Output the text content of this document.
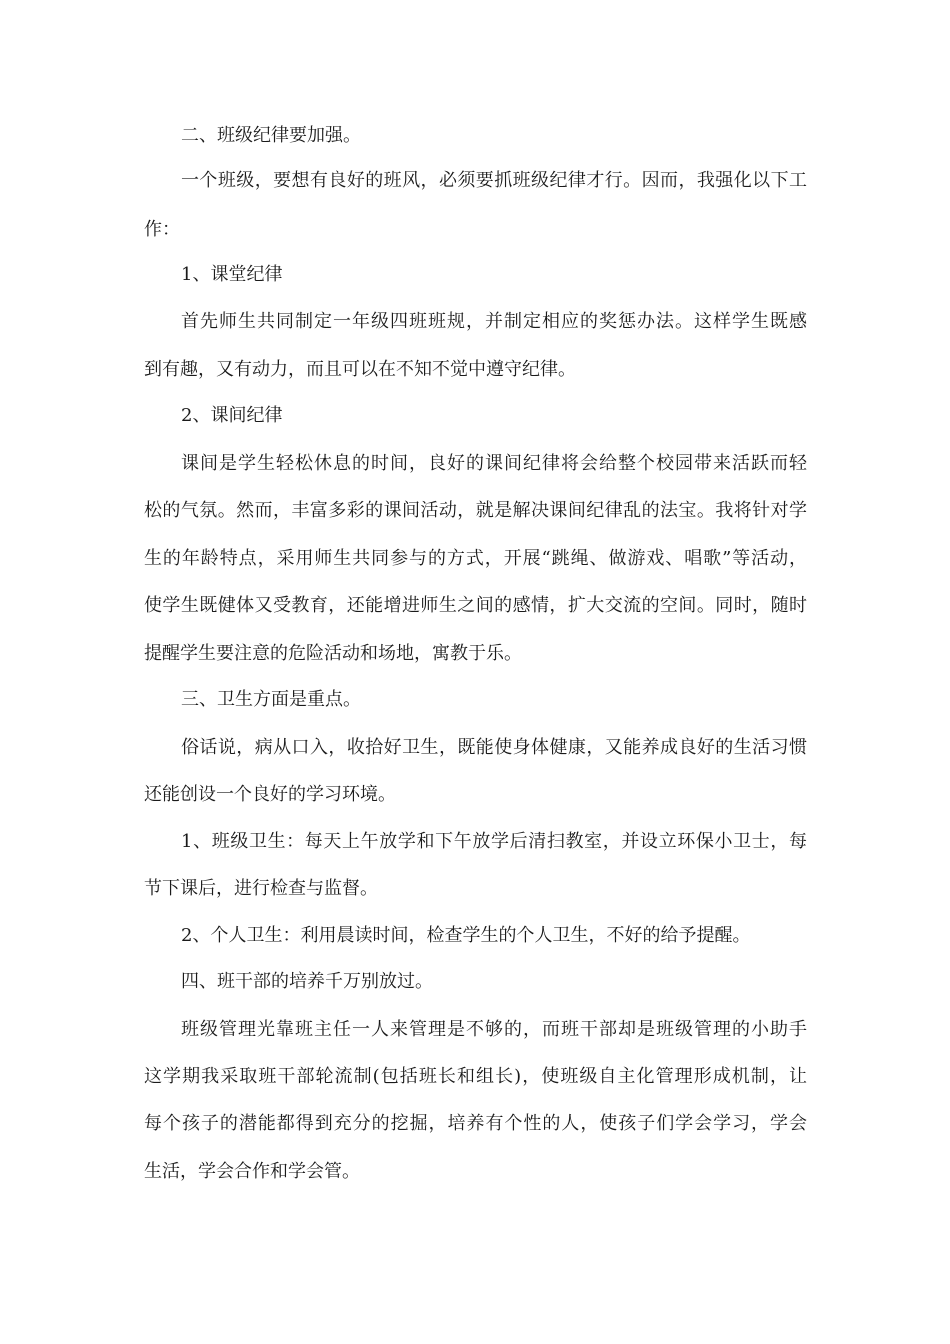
二、班级纪律要加强。
一个班级，要想有良好的班风，必须要抓班级纪律才行。因而，我强化以下工
作：
1、课堂纪律
首先师生共同制定一年级四班班规，并制定相应的奖惩办法。这样学生既感
到有趣，又有动力，而且可以在不知不觉中遵守纪律。
2、课间纪律
课间是学生轻松休息的时间，良好的课间纪律将会给整个校园带来活跃而轻
松的气氛。然而，丰富多彩的课间活动，就是解决课间纪律乱的法宝。我将针对学
生的年龄特点，采用师生共同参与的方式，开展“跳绳、做游戏、唱歌”等活动，
使学生既健体又受教育，还能增进师生之间的感情，扩大交流的空间。同时，随时
提醒学生要注意的危险活动和场地，寓教于乐。
三、卫生方面是重点。
俗话说，病从口入，收拾好卫生，既能使身体健康，又能养成良好的生活习惯
还能创设一个良好的学习环境。
1、班级卫生：每天上午放学和下午放学后清扫教室，并设立环保小卫士，每
节下课后，进行检查与监督。
2、个人卫生：利用晨读时间，检查学生的个人卫生，不好的给予提醒。
四、班干部的培养千万别放过。
班级管理光靠班主任一人来管理是不够的，而班干部却是班级管理的小助手
这学期我采取班干部轮流制(包括班长和组长)，使班级自主化管理形成机制，让
每个孩子的潜能都得到充分的挖掘，培养有个性的人，使孩子们学会学习，学会
生活，学会合作和学会管。
